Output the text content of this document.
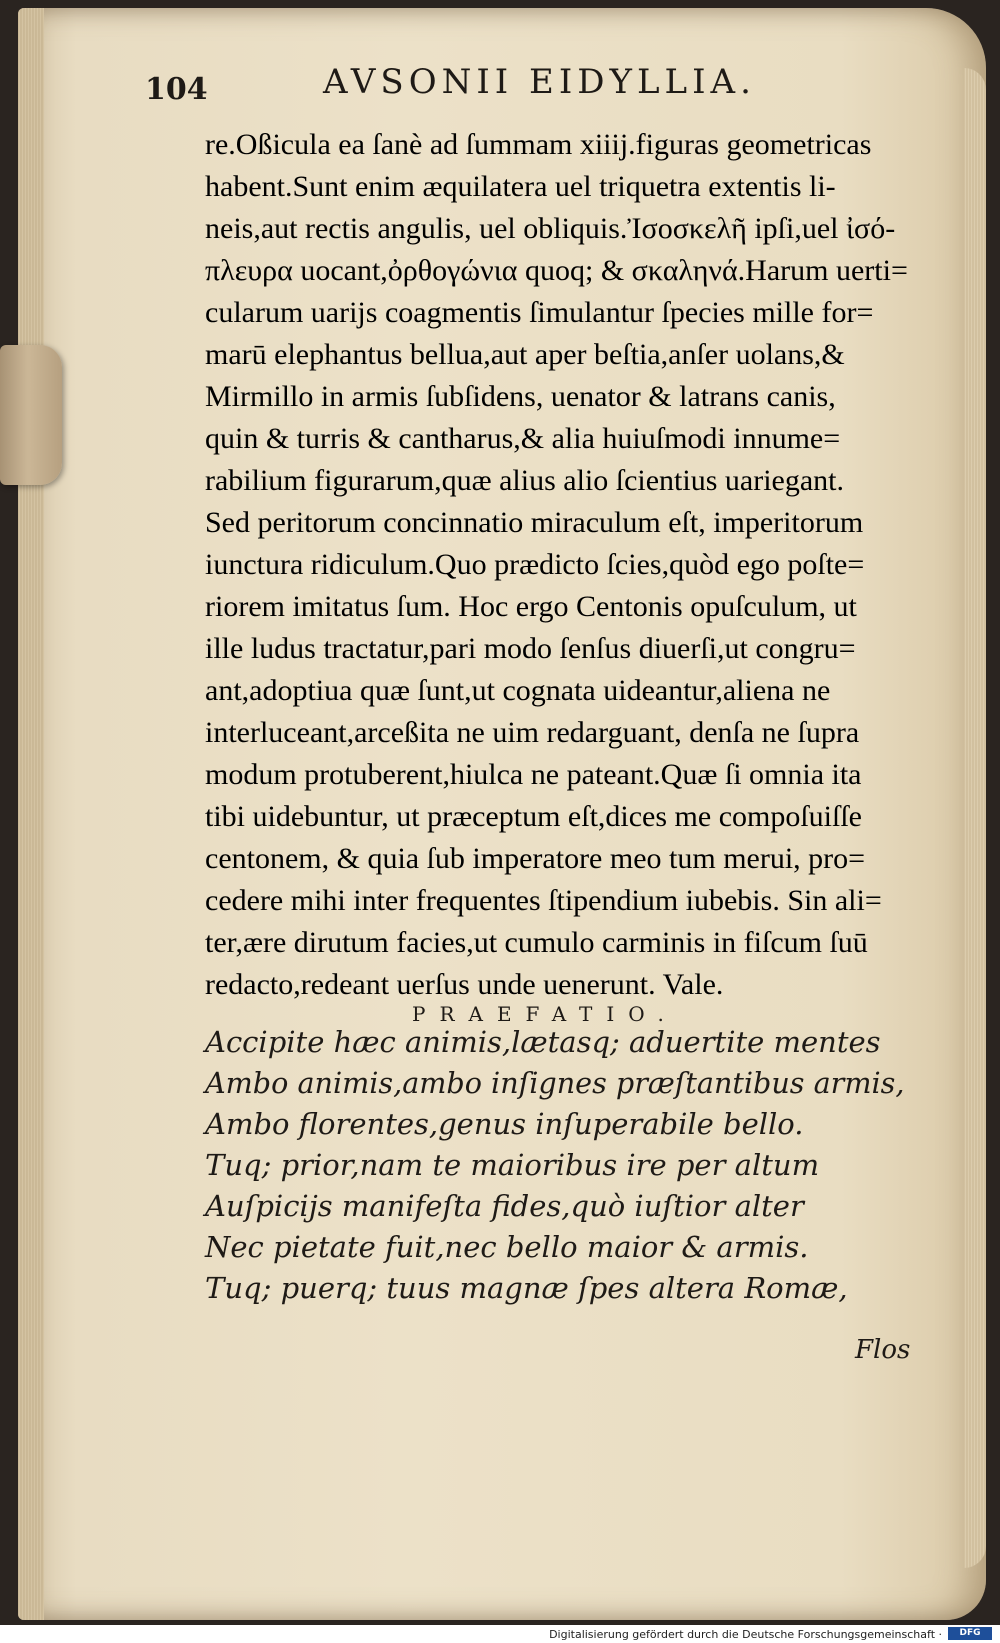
104	AVSONII EIDYLLIA.
re.Oßicula ea ſanè ad ſummam xiiij.figuras geometricas
habent.Sunt enim æquilatera uel triquetra extentis li-
neis,aut rectis angulis, uel obliquis.Ἰσοσκελῆ ipſi,uel ἰσό-
πλευρα uocant,ὀρθογώνια quoq; & σκαληνά.Harum uerti=
cularum uarijs coagmentis ſimulantur ſpecies mille for=
marū elephantus bellua,aut aper beſtia,anſer uolans,&
Mirmillo in armis ſubſidens, uenator & latrans canis,
quin & turris & cantharus,& alia huiuſmodi innume=
rabilium figurarum,quæ alius alio ſcientius uariegant.
Sed peritorum concinnatio miraculum eſt, imperitorum
iunctura ridiculum.Quo prædicto ſcies,quòd ego poſte=
riorem imitatus ſum. Hoc ergo Centonis opuſculum, ut
ille ludus tractatur,pari modo ſenſus diuerſi,ut congru=
ant,adoptiua quæ ſunt,ut cognata uideantur,aliena ne
interluceant,arceßita ne uim redarguant, denſa ne ſupra
modum protuberent,hiulca ne pateant.Quæ ſi omnia ita
tibi uidebuntur, ut præceptum eſt,dices me compoſuiſſe
centonem, & quia ſub imperatore meo tum merui, pro=
cedere mihi inter frequentes ſtipendium iubebis. Sin ali=
ter,ære dirutum facies,ut cumulo carminis in fiſcum ſuū
redacto,redeant uerſus unde uenerunt. Vale.
PRAEFATIO.
Accipite hæc animis,lætasq; aduertite mentes
Ambo animis,ambo inſignes præſtantibus armis,
Ambo florentes,genus inſuperabile bello.
Tuq; prior,nam te maioribus ire per altum
Auſpicijs manifeſta fides,quò iuſtior alter
Nec pietate fuit,nec bello maior & armis.
Tuq; puerq; tuus magnæ ſpes altera Romæ,
Flos
Digitalisierung gefördert durch die Deutsche Forschungsgemeinschaft ·	DFG
